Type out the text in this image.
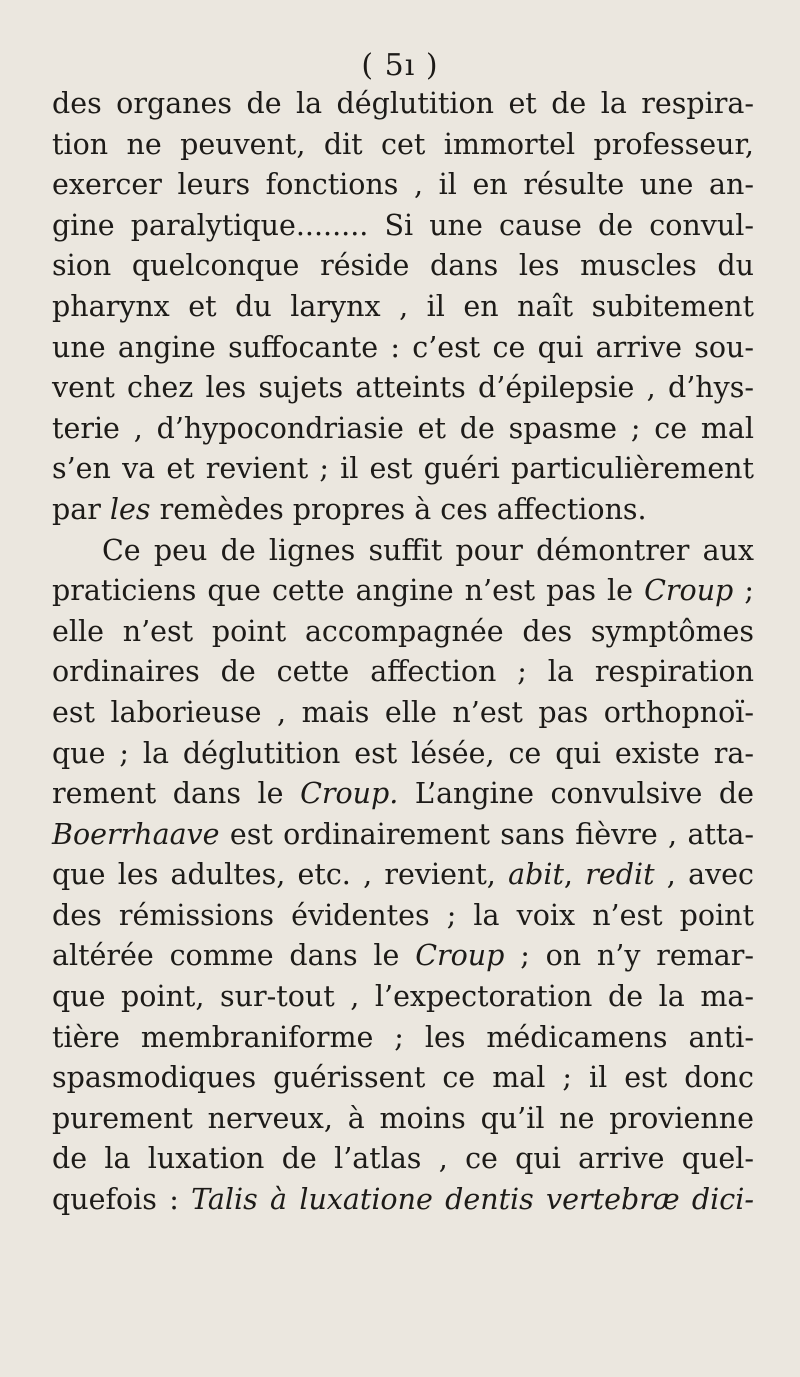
( 5ı )
des organes de la déglutition et de la respira-
tion ne peuvent, dit cet immortel professeur,
exercer leurs fonctions , il en résulte une an-
gine paralytique........ Si une cause de convul-
sion quelconque réside dans les muscles du
pharynx et du larynx , il en naît subitement
une angine suffocante : c’est ce qui arrive sou-
vent chez les sujets atteints d’épilepsie , d’hys-
terie , d’hypocondriasie et de spasme ; ce mal
s’en va et revient ; il est guéri particulièrement
par les remèdes propres à ces affections.
Ce peu de lignes suffit pour démontrer aux
praticiens que cette angine n’est pas le Croup ;
elle n’est point accompagnée des symptômes
ordinaires de cette affection ; la respiration
est laborieuse , mais elle n’est pas orthopnoï-
que ; la déglutition est lésée, ce qui existe ra-
rement dans le Croup. L’angine convulsive de
Boerrhaave est ordinairement sans fièvre , atta-
que les adultes, etc. , revient, abit, redit , avec
des rémissions évidentes ; la voix n’est point
altérée comme dans le Croup ; on n’y remar-
que point, sur-tout , l’expectoration de la ma-
tière membraniforme ; les médicamens anti-
spasmodiques guérissent ce mal ; il est donc
purement nerveux, à moins qu’il ne provienne
de la luxation de l’atlas , ce qui arrive quel-
quefois : Talis à luxatione dentis vertebræ dici-
